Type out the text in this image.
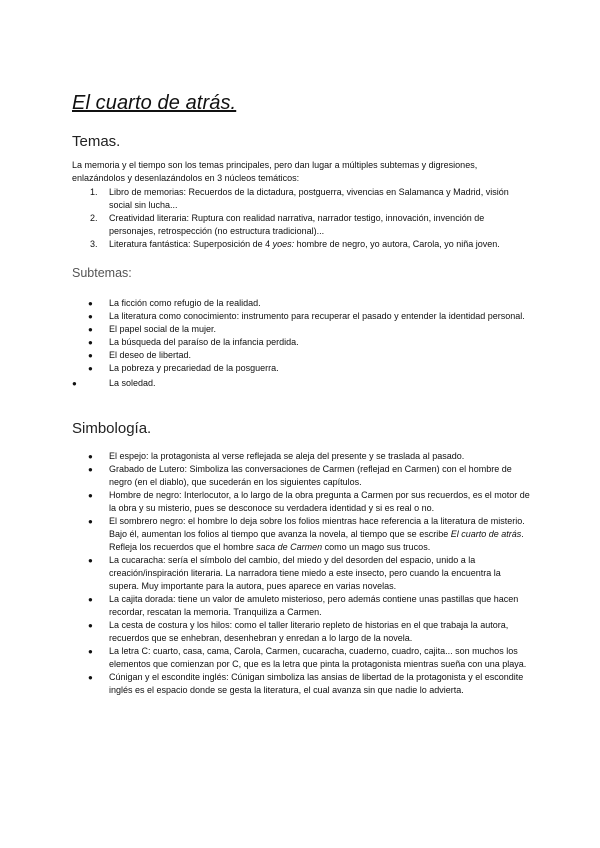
El cuarto de atrás.
Temas.

La memoria y el tiempo son los temas principales, pero dan lugar a múltiples subtemas y digresiones, enlazándolos y desenlazándolos en 3 núcleos temáticos:

1. Libro de memorias: Recuerdos de la dictadura, postguerra, vivencias en Salamanca y Madrid, visión social sin lucha...
2. Creatividad literaria: Ruptura con realidad narrativa, narrador testigo, innovación, invención de personajes, retrospección (no estructura tradicional)...
3. Literatura fantástica: Superposición de 4 yoes: hombre de negro, yo autora, Carola, yo niña joven.
Subtemas:
● La ficción como refugio de la realidad.
● La literatura como conocimiento: instrumento para recuperar el pasado y entender la identidad personal.
● El papel social de la mujer.
● La búsqueda del paraíso de la infancia perdida.
● El deseo de libertad.
● La pobreza y precariedad de la posguerra.
●	La soledad.
Simbología.
● El espejo: la protagonista al verse reflejada se aleja del presente y se traslada al pasado.
● Grabado de Lutero: Simboliza las conversaciones de Carmen (reflejad en Carmen) con el hombre de negro (en el diablo), que sucederán en los siguientes capítulos.
● Hombre de negro: Interlocutor, a lo largo de la obra pregunta a Carmen por sus recuerdos, es el motor de la obra y su misterio, pues se desconoce su verdadera identidad y si es real o no.
● El sombrero negro: el hombre lo deja sobre los folios mientras hace referencia a la literatura de misterio. Bajo él, aumentan los folios al tiempo que avanza la novela, al tiempo que se escribe El cuarto de atrás. Refleja los recuerdos que el hombre saca de Carmen como un mago sus trucos.
● La cucaracha: sería el símbolo del cambio, del miedo y del desorden del espacio, unido a la creación/inspiración literaria. La narradora tiene miedo a este insecto, pero cuando la encuentra la supera. Muy importante para la autora, pues aparece en varias novelas.
● La cajita dorada: tiene un valor de amuleto misterioso, pero además contiene unas pastillas que hacen recordar, rescatan la memoria. Tranquiliza a Carmen.
● La cesta de costura y los hilos: como el taller literario repleto de historias en el que trabaja la autora, recuerdos que se enhebran, desenhebran y enredan a lo largo de la novela.
● La letra C: cuarto, casa, cama, Carola, Carmen, cucaracha, cuaderno, cuadro, cajita... son muchos los elementos que comienzan por C, que es la letra que pinta la protagonista mientras sueña con una playa.
● Cúnigan y el escondite inglés: Cúnigan simboliza las ansias de libertad de la protagonista y el escondite inglés es el espacio donde se gesta la literatura, el cual avanza sin que nadie lo advierta.
